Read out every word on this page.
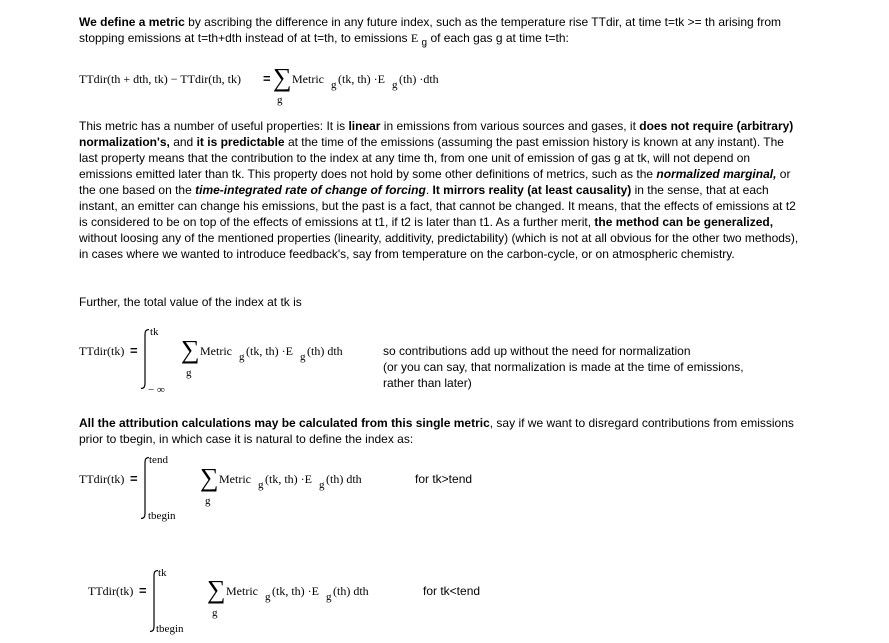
We define a metric by ascribing the difference in any future index, such as the temperature rise TTdir, at time t=tk >= th arising from stopping emissions at t=th+dth instead of at t=th, to emissions E $_g$ of each gas g at time t=th:

TTdir(th + dth, tk) − TTdir(th, tk) = ∑
g
Metric g (tk, th) ·E g (th) ·dth

This metric has a number of useful properties: It is linear in emissions from various sources and gases, it does not require (arbitrary) normalization's, and it is predictable at the time of the emissions (assuming the past emission history is known at any instant). The last property means that the contribution to the index at any time th, from one unit of emission of gas g at tk, will not depend on emissions emitted later than tk. This property does not hold by some other definitions of metrics, such as the normalized marginal, or the one based on the time-integrated rate of change of forcing. It mirrors reality (at least causality) in the sense, that at each instant, an emitter can change his emissions, but the past is a fact, that cannot be changed. It means, that the effects of emissions at t2 is considered to be on top of the effects of emissions at t1, if t2 is later than t1. As a further merit, the method can be generalized, without loosing any of the mentioned properties (linearity, additivity, predictability) (which is not at all obvious for the other two methods), in cases where we wanted to introduce feedback's, say from temperature on the carbon-cycle, or on atmospheric chemistry.

Further, the total value of the index at tk is

TTdir(tk) =
tk
− ∞
∑
g
Metric g (tk, th) ·E g (th) dth	so contributions add up without the need for normalization
(or you can say, that normalization is made at the time of emissions,
rather than later)

All the attribution calculations may be calculated from this single metric, say if we want to disregard contributions from emissions prior to tbegin, in which case it is natural to define the index as:

TTdir(tk) =
tend
tbegin
∑
g
Metric g (tk, th) ·E g (th) dth	for tk>tend
TTdir(tk) =
tk
tbegin
∑
g
Metric g (tk, th) ·E g (th) dth	for tk<tend
